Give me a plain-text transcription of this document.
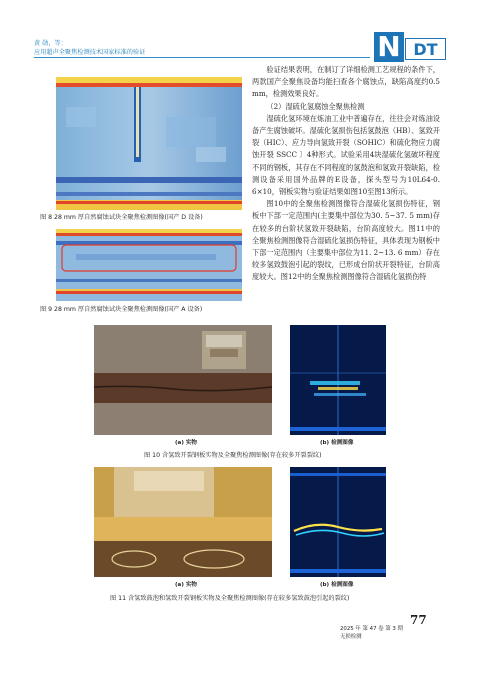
黄 勋，等：
应用超声全聚焦检测技术国家标准的验证	N DT
图 8 28 mm 厚自然腐蚀试块全聚焦检测图像(国产 D 设备)
图 9 28 mm 厚自然腐蚀试块全聚焦检测图像(国产 A 设备)

验证结果表明，在制订了详细检测工艺规程的条件下，两款国产全聚焦设备均能扫查各个腐蚀点，缺陷高度约0.5 mm，检测效果良好。

（2）湿硫化氢腐蚀全聚焦检测

湿硫化氢环境在炼油工业中普遍存在，往往会对炼油设备产生腐蚀破坏。湿硫化氢损伤包括氢鼓泡（HB）、氢致开裂（HIC）、应力导向氢致开裂（SOHIC）和硫化物应力腐蚀开裂 SSCC 〕4种形式。试验采用4块湿硫化氢破坏程度不同的钢板，其存在不同程度的氢鼓泡和氢致开裂缺陷，检测设备采用国外品牌的E设备，探头型号为10L64-0. 6×10，钢板实物与验证结果如图10至图13所示。

图10中的全聚焦检测图像符合湿硫化氢损伤特征，钢板中下部一定范围内(主要集中部位为30. 5~37. 5 mm)存在较多的台阶状氢致开裂缺陷，台阶高度较大。图11中的全聚焦检测图像符合湿硫化氢损伤特征，具体表现为钢板中下部一定范围内（主要集中部位为11. 2~13. 6 mm）存在较多氢致鼓泡引起的裂纹，已形成台阶状开裂特征，台阶高度较大。图12中的全聚焦检测图像符合湿硫化氢损伤特

(a) 实物	(b) 检测图像
图 10 含氢致开裂钢板实物及全聚焦检测图像(存在较多开裂裂纹)
(a) 实物	(b) 检测图像
图 11 含氢致鼓泡和氢致开裂钢板实物及全聚焦检测图像(存在较多氢致鼓泡引起的裂纹)
77
2025 年 第 47 卷 第 3 期
无损检测
